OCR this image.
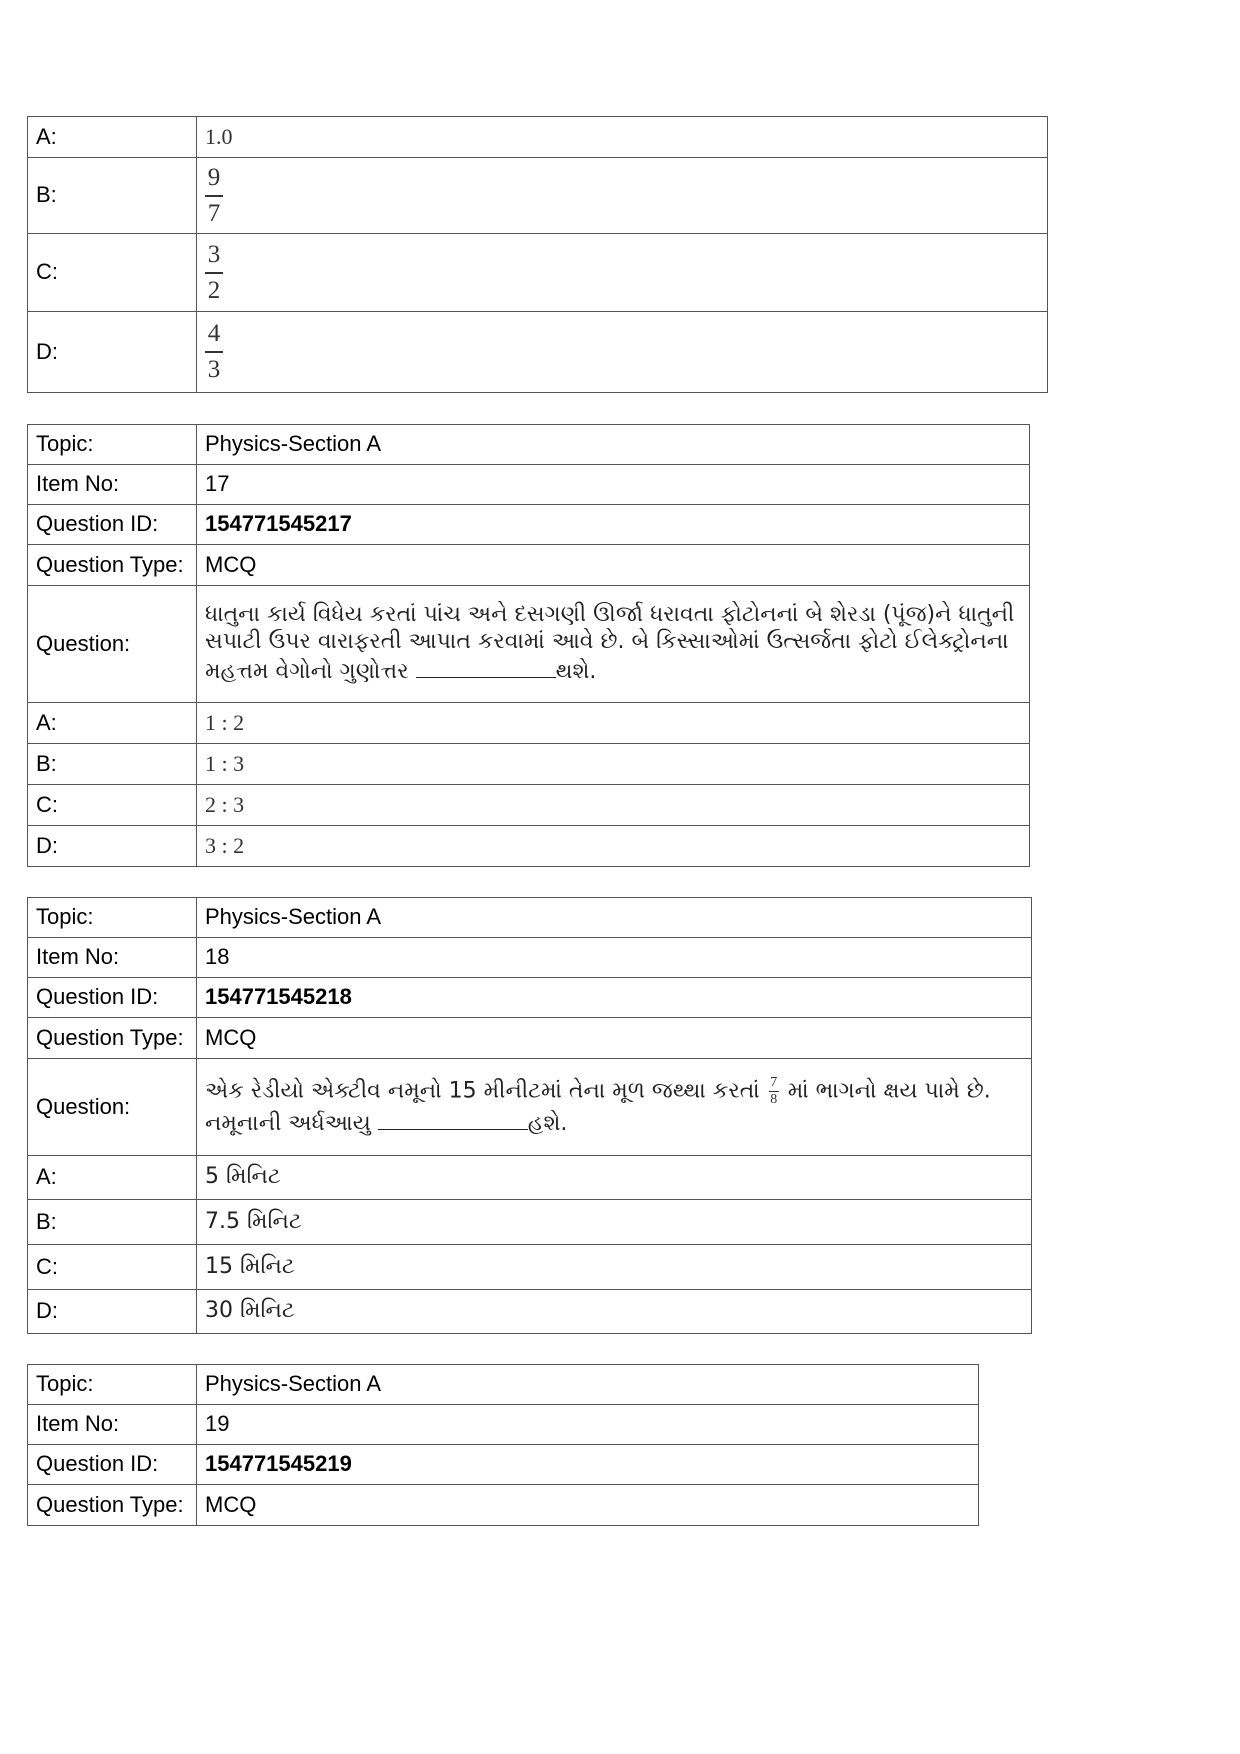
A:	1.0
B:	$\frac{9}{7}$

C:	$\frac{3}{2}$

D:	$\frac{4}{3}$
Topic:	Physics-Section A
Item No:	17
Question ID:	154771545217
Question Type:	MCQ
Question:	ધાતુના કાર્ય વિધેય કરતાં પાંચ અને દસગણી ઊર્જા ધરાવતા ફોટોનનાં બે શેરડા (પૂંજ)ને ધાતુની સપાટી ઉપર વારાફરતી આપાત કરવામાં આવે છે. બે કિસ્સાઓમાં ઉત્સર્જતા ફોટો ઈલેક્ટ્રોનના મહત્તમ વેગોનો ગુણોત્તર થશે.
A:	1 : 2
B:	1 : 3
C:	2 : 3
D:	3 : 2
Topic:	Physics-Section A
Item No:	18
Question ID:	154771545218
Question Type:	MCQ
Question:	એક રેડીયો એક્ટીવ નમૂનો 15 મીનીટમાં તેના મૂળ જથ્થા કરતાં $\frac{7}{8}$ માં ભાગનો ક્ષય પામે છે. નમૂનાની અર્ધઆયુ હશે.
A:	5 મિનિટ
B:	7.5 મિનિટ
C:	15 મિનિટ
D:	30 મિનિટ
Topic:	Physics-Section A
Item No:	19
Question ID:	154771545219
Question Type:	MCQ
